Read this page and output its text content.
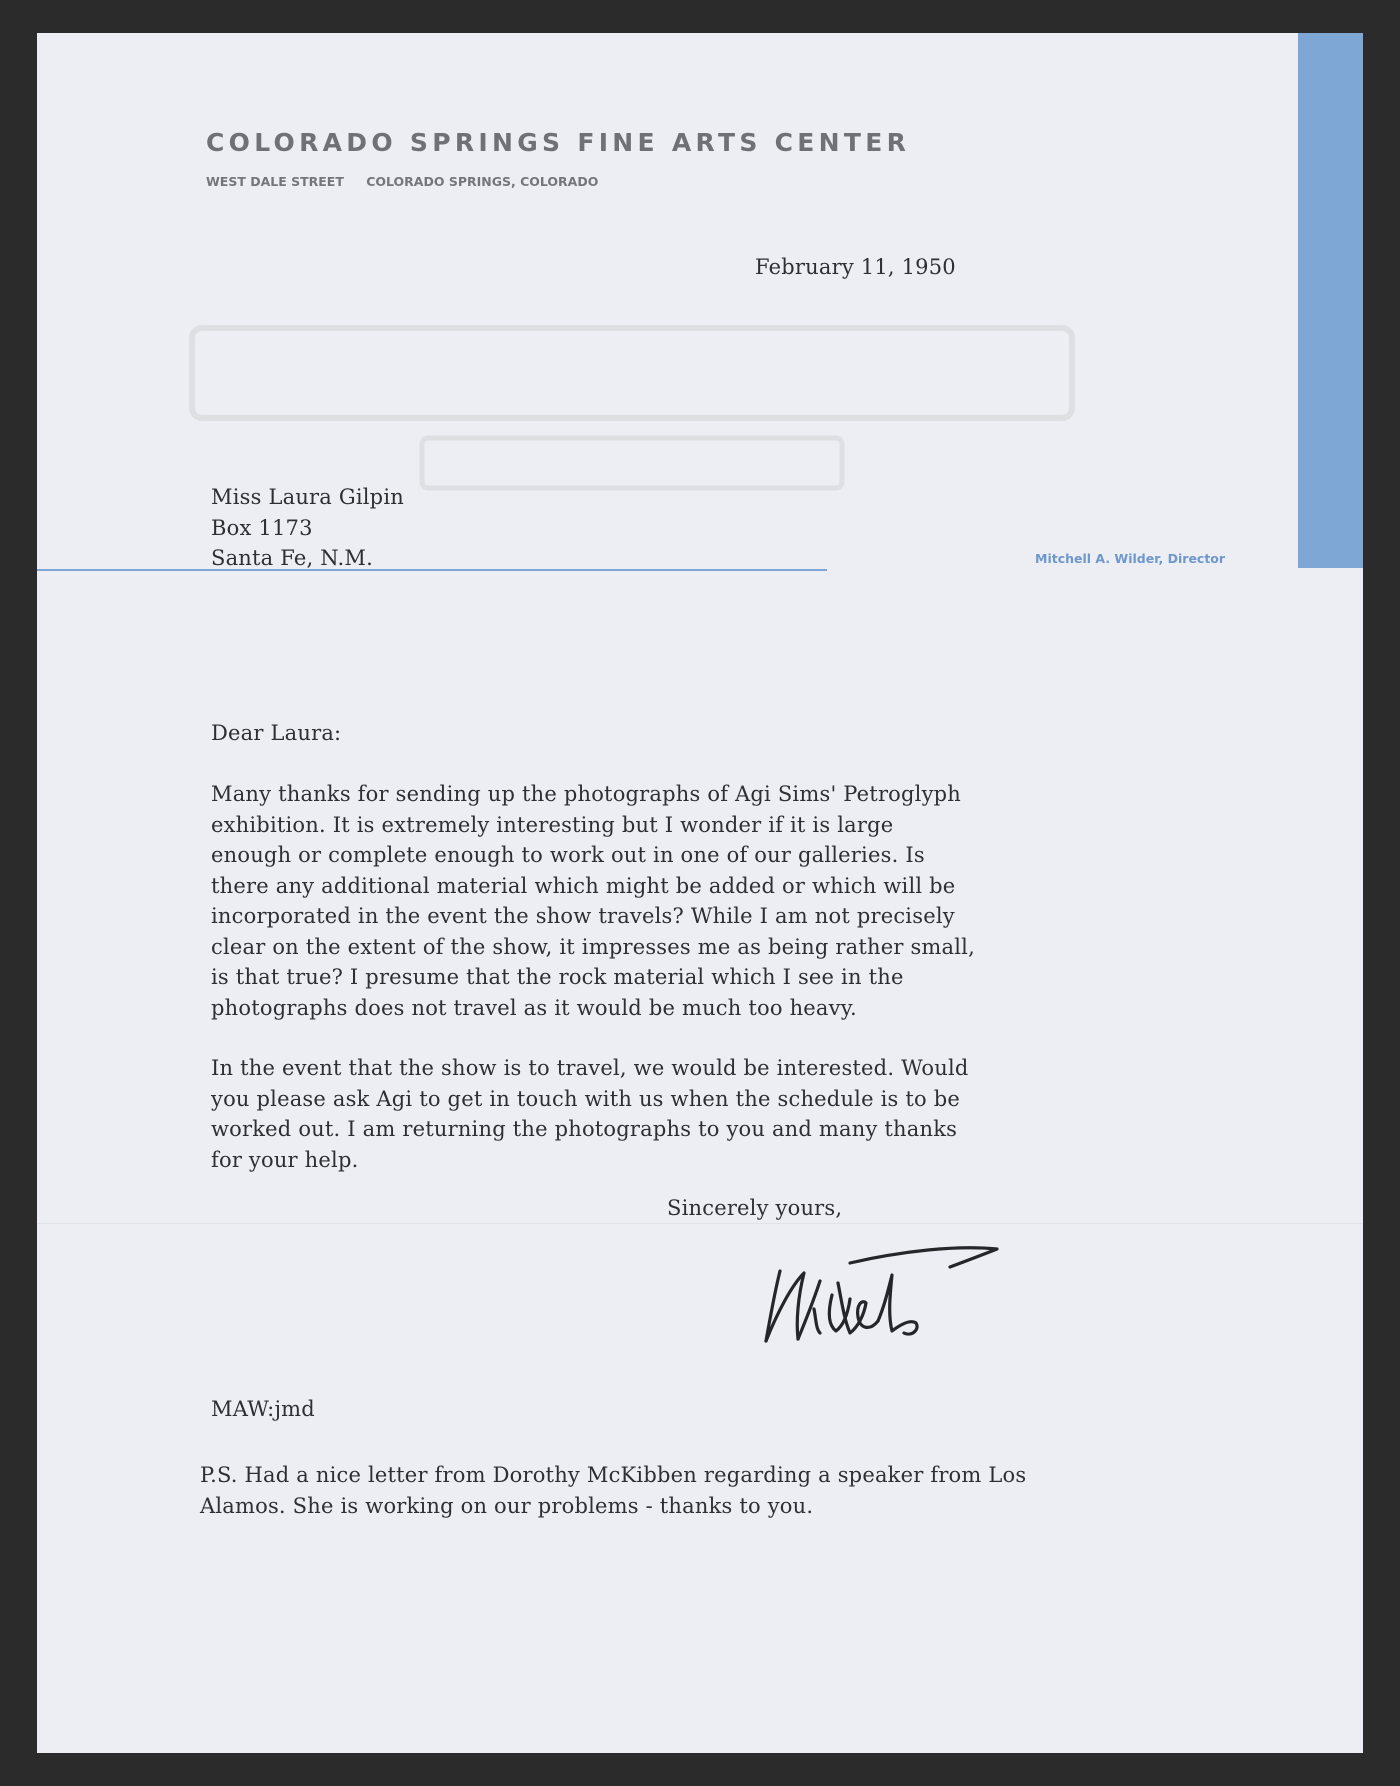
COLORADO SPRINGS FINE ARTS CENTER
WEST DALE STREET COLORADO SPRINGS, COLORADO
Mitchell A. Wilder, Director
February 11, 1950
Miss Laura Gilpin
Box 1173
Santa Fe, N.M.
Dear Laura:
Many thanks for sending up the photographs of Agi Sims' Petroglyph
exhibition. It is extremely interesting but I wonder if it is large
enough or complete enough to work out in one of our galleries. Is
there any additional material which might be added or which will be
incorporated in the event the show travels? While I am not precisely
clear on the extent of the show, it impresses me as being rather small,
is that true? I presume that the rock material which I see in the
photographs does not travel as it would be much too heavy.
In the event that the show is to travel, we would be interested. Would
you please ask Agi to get in touch with us when the schedule is to be
worked out. I am returning the photographs to you and many thanks
for your help.
Sincerely yours,
MAW:jmd
P.S. Had a nice letter from Dorothy McKibben regarding a speaker from Los
Alamos. She is working on our problems - thanks to you.
